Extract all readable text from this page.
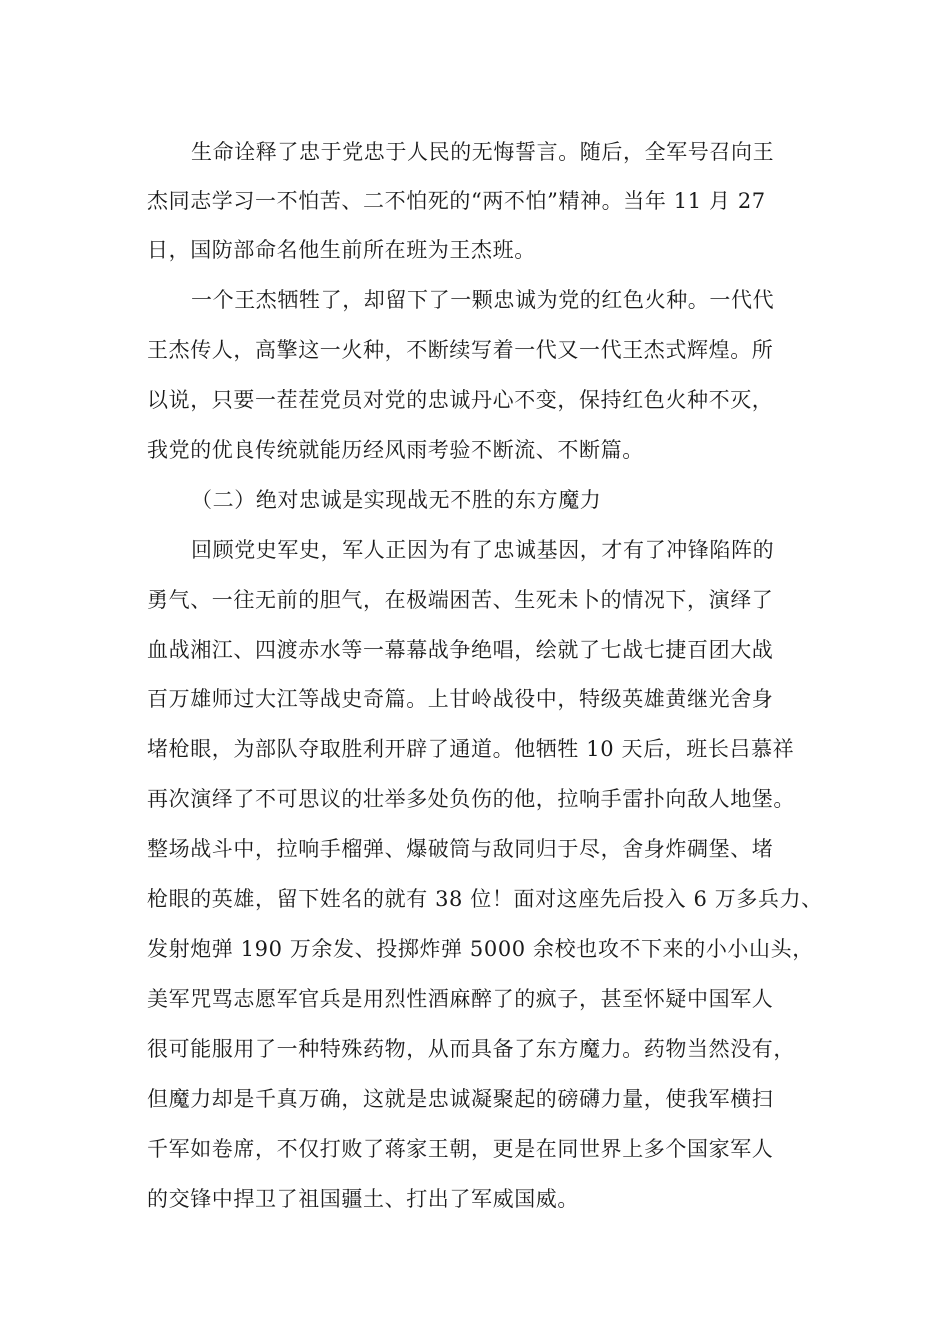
生命诠释了忠于党忠于人民的无悔誓言。随后，全军号召向王

杰同志学习一不怕苦、二不怕死的“两不怕”精神。当年 11 月 27

日，国防部命名他生前所在班为王杰班。

一个王杰牺牲了，却留下了一颗忠诚为党的红色火种。一代代

王杰传人，高擎这一火种，不断续写着一代又一代王杰式辉煌。所

以说，只要一茬茬党员对党的忠诚丹心不变，保持红色火种不灭，

我党的优良传统就能历经风雨考验不断流、不断篇。

（二）绝对忠诚是实现战无不胜的东方魔力

回顾党史军史，军人正因为有了忠诚基因，才有了冲锋陷阵的

勇气、一往无前的胆气，在极端困苦、生死未卜的情况下，演绎了

血战湘江、四渡赤水等一幕幕战争绝唱，绘就了七战七捷百团大战

百万雄师过大江等战史奇篇。上甘岭战役中，特级英雄黄继光舍身

堵枪眼，为部队夺取胜利开辟了通道。他牺牲 10 天后，班长吕慕祥

再次演绎了不可思议的壮举多处负伤的他，拉响手雷扑向敌人地堡。

整场战斗中，拉响手榴弹、爆破筒与敌同归于尽，舍身炸碉堡、堵

枪眼的英雄，留下姓名的就有 38 位！面对这座先后投入 6 万多兵力、

发射炮弹 190 万余发、投掷炸弹 5000 余校也攻不下来的小小山头，

美军咒骂志愿军官兵是用烈性酒麻醉了的疯子，甚至怀疑中国军人

很可能服用了一种特殊药物，从而具备了东方魔力。药物当然没有，

但魔力却是千真万确，这就是忠诚凝聚起的磅礴力量，使我军横扫

千军如卷席，不仅打败了蒋家王朝，更是在同世界上多个国家军人

的交锋中捍卫了祖国疆土、打出了军威国威。
